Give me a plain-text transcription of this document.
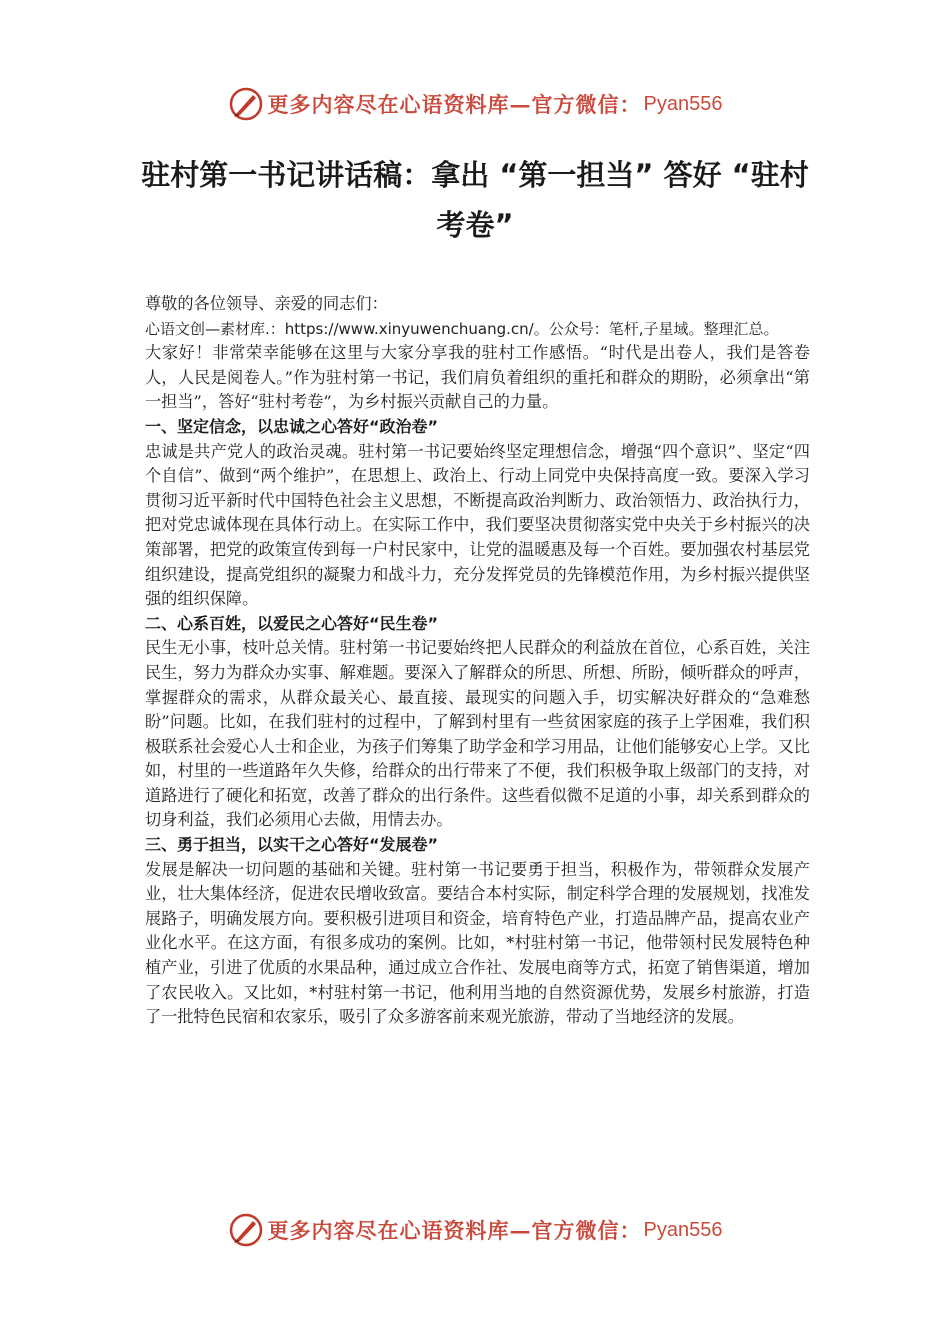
更多内容尽在心语资料库—官方微信： Pyan556
驻村第一书记讲话稿：拿出 “第一担当” 答好 “驻村考卷”

尊敬的各位领导、亲爱的同志们：

心语文创—素材库.：https://www.xinyuwenchuang.cn/。公众号：笔杆,子星域。整理汇总。

大家好！非常荣幸能够在这里与大家分享我的驻村工作感悟。“时代是出卷人，我们是答卷人，人民是阅卷人。”作为驻村第一书记，我们肩负着组织的重托和群众的期盼，必须拿出“第一担当”，答好“驻村考卷”，为乡村振兴贡献自己的力量。

一、坚定信念，以忠诚之心答好“政治卷”

忠诚是共产党人的政治灵魂。驻村第一书记要始终坚定理想信念，增强“四个意识”、坚定“四个自信”、做到“两个维护”，在思想上、政治上、行动上同党中央保持高度一致。要深入学习贯彻习近平新时代中国特色社会主义思想，不断提高政治判断力、政治领悟力、政治执行力，把对党忠诚体现在具体行动上。在实际工作中，我们要坚决贯彻落实党中央关于乡村振兴的决策部署，把党的政策宣传到每一户村民家中，让党的温暖惠及每一个百姓。要加强农村基层党组织建设，提高党组织的凝聚力和战斗力，充分发挥党员的先锋模范作用，为乡村振兴提供坚强的组织保障。

二、心系百姓，以爱民之心答好“民生卷”

民生无小事，枝叶总关情。驻村第一书记要始终把人民群众的利益放在首位，心系百姓，关注民生，努力为群众办实事、解难题。要深入了解群众的所思、所想、所盼，倾听群众的呼声，掌握群众的需求，从群众最关心、最直接、最现实的问题入手，切实解决好群众的“急难愁盼”问题。比如，在我们驻村的过程中，了解到村里有一些贫困家庭的孩子上学困难，我们积极联系社会爱心人士和企业，为孩子们筹集了助学金和学习用品，让他们能够安心上学。又比如，村里的一些道路年久失修，给群众的出行带来了不便，我们积极争取上级部门的支持，对道路进行了硬化和拓宽，改善了群众的出行条件。这些看似微不足道的小事，却关系到群众的切身利益，我们必须用心去做，用情去办。

三、勇于担当，以实干之心答好“发展卷”

发展是解决一切问题的基础和关键。驻村第一书记要勇于担当，积极作为，带领群众发展产业，壮大集体经济，促进农民增收致富。要结合本村实际，制定科学合理的发展规划，找准发展路子，明确发展方向。要积极引进项目和资金，培育特色产业，打造品牌产品，提高农业产业化水平。在这方面，有很多成功的案例。比如，*村驻村第一书记，他带领村民发展特色种植产业，引进了优质的水果品种，通过成立合作社、发展电商等方式，拓宽了销售渠道，增加了农民收入。又比如，*村驻村第一书记，他利用当地的自然资源优势，发展乡村旅游，打造了一批特色民宿和农家乐，吸引了众多游客前来观光旅游，带动了当地经济的发展。

更多内容尽在心语资料库—官方微信： Pyan556
